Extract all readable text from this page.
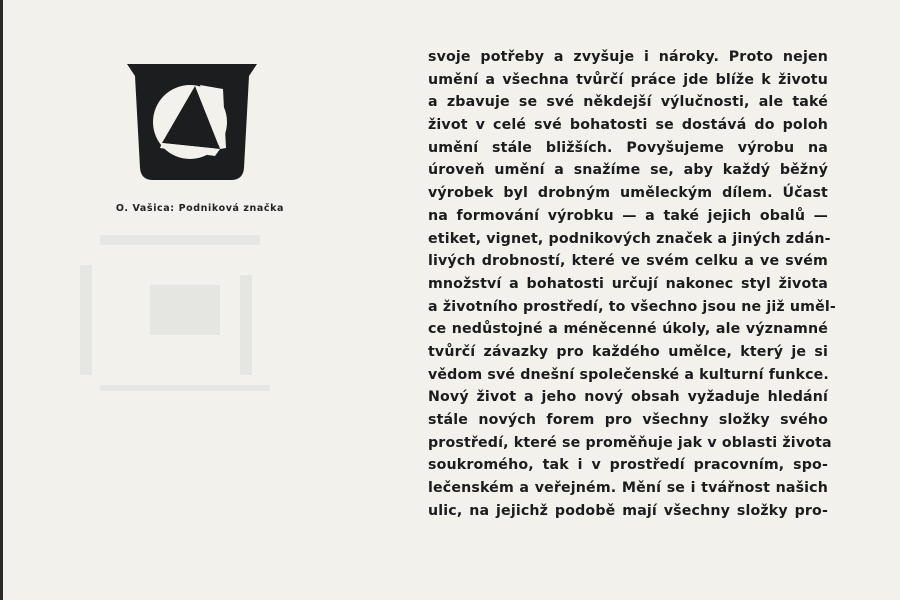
O. Vašica: Podniková značka
svoje potřeby a zvyšuje i nároky. Proto nejen
umění a všechna tvůrčí práce jde blíže k životu
a zbavuje se své někdejší výlučnosti, ale také
život v celé své bohatosti se dostává do poloh
umění stále bližších. Povyšujeme výrobu na
úroveň umění a snažíme se, aby každý běžný
výrobek byl drobným uměleckým dílem. Účast
na formování výrobku — a také jejich obalů —
etiket, vignet, podnikových značek a jiných zdán-
livých drobností, které ve svém celku a ve svém
množství a bohatosti určují nakonec styl života
a životního prostředí, to všechno jsou ne již uměl-
ce nedůstojné a méněcenné úkoly, ale významné
tvůrčí závazky pro každého umělce, který je si
vědom své dnešní společenské a kulturní funkce.
Nový život a jeho nový obsah vyžaduje hledání
stále nových forem pro všechny složky svého
prostředí, které se proměňuje jak v oblasti života
soukromého, tak i v prostředí pracovním, spo-
lečenském a veřejném. Mění se i tvářnost našich
ulic, na jejichž podobě mají všechny složky pro-
